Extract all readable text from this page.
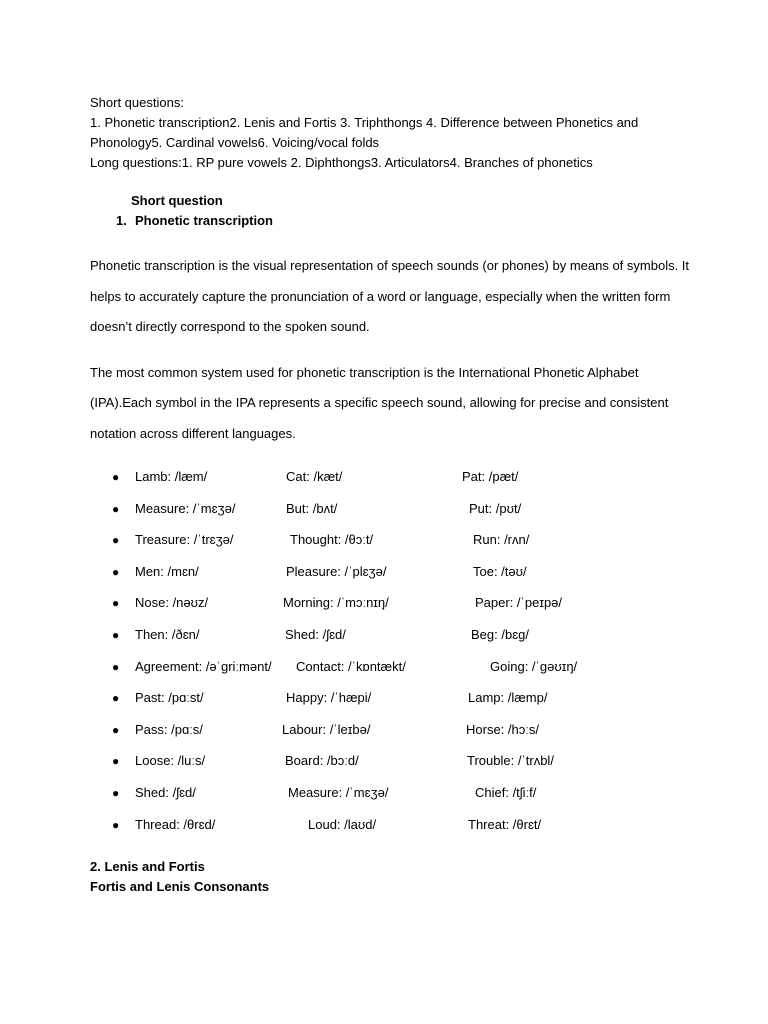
Short questions:

1. Phonetic transcription2. Lenis and Fortis 3. Triphthongs 4. Difference between Phonetics and

Phonology5. Cardinal vowels6. Voicing/vocal folds

Long questions:1. RP pure vowels 2. Diphthongs3. Articulators4. Branches of phonetics

Short question
1. Phonetic transcription

Phonetic transcription is the visual representation of speech sounds (or phones) by means of symbols. It helps to accurately capture the pronunciation of a word or language, especially when the written form doesn’t directly correspond to the spoken sound.

The most common system used for phonetic transcription is the International Phonetic Alphabet (IPA).Each symbol in the IPA represents a specific speech sound, allowing for precise and consistent notation across different languages.

● Lamb: /læm/	Cat: /kæt/	Pat: /pæt/
● Measure: /ˈmɛʒə/	But: /bʌt/	Put: /pʊt/
● Treasure: /ˈtrɛʒə/	Thought: /θɔːt/	Run: /rʌn/
● Men: /mɛn/	Pleasure: /ˈplɛʒə/	Toe: /təʊ/
● Nose: /nəʊz/	Morning: /ˈmɔːnɪŋ/	Paper: /ˈpeɪpə/
● Then: /ðɛn/	Shed: /ʃɛd/	Beg: /bɛg/
● Agreement: /əˈgriːmənt/ Contact: /ˈkɒntækt/	Going: /ˈgəʊɪŋ/
● Past: /pɑːst/	Happy: /ˈhæpi/	Lamp: /læmp/
● Pass: /pɑːs/	Labour: /ˈleɪbə/	Horse: /hɔːs/
● Loose: /luːs/	Board: /bɔːd/	Trouble: /ˈtrʌbl/
● Shed: /ʃɛd/	Measure: /ˈmɛʒə/	Chief: /tʃiːf/
● Thread: /θrɛd/	Loud: /laʊd/	Threat: /θrɛt/
2. Lenis and Fortis
Fortis and Lenis Consonants
